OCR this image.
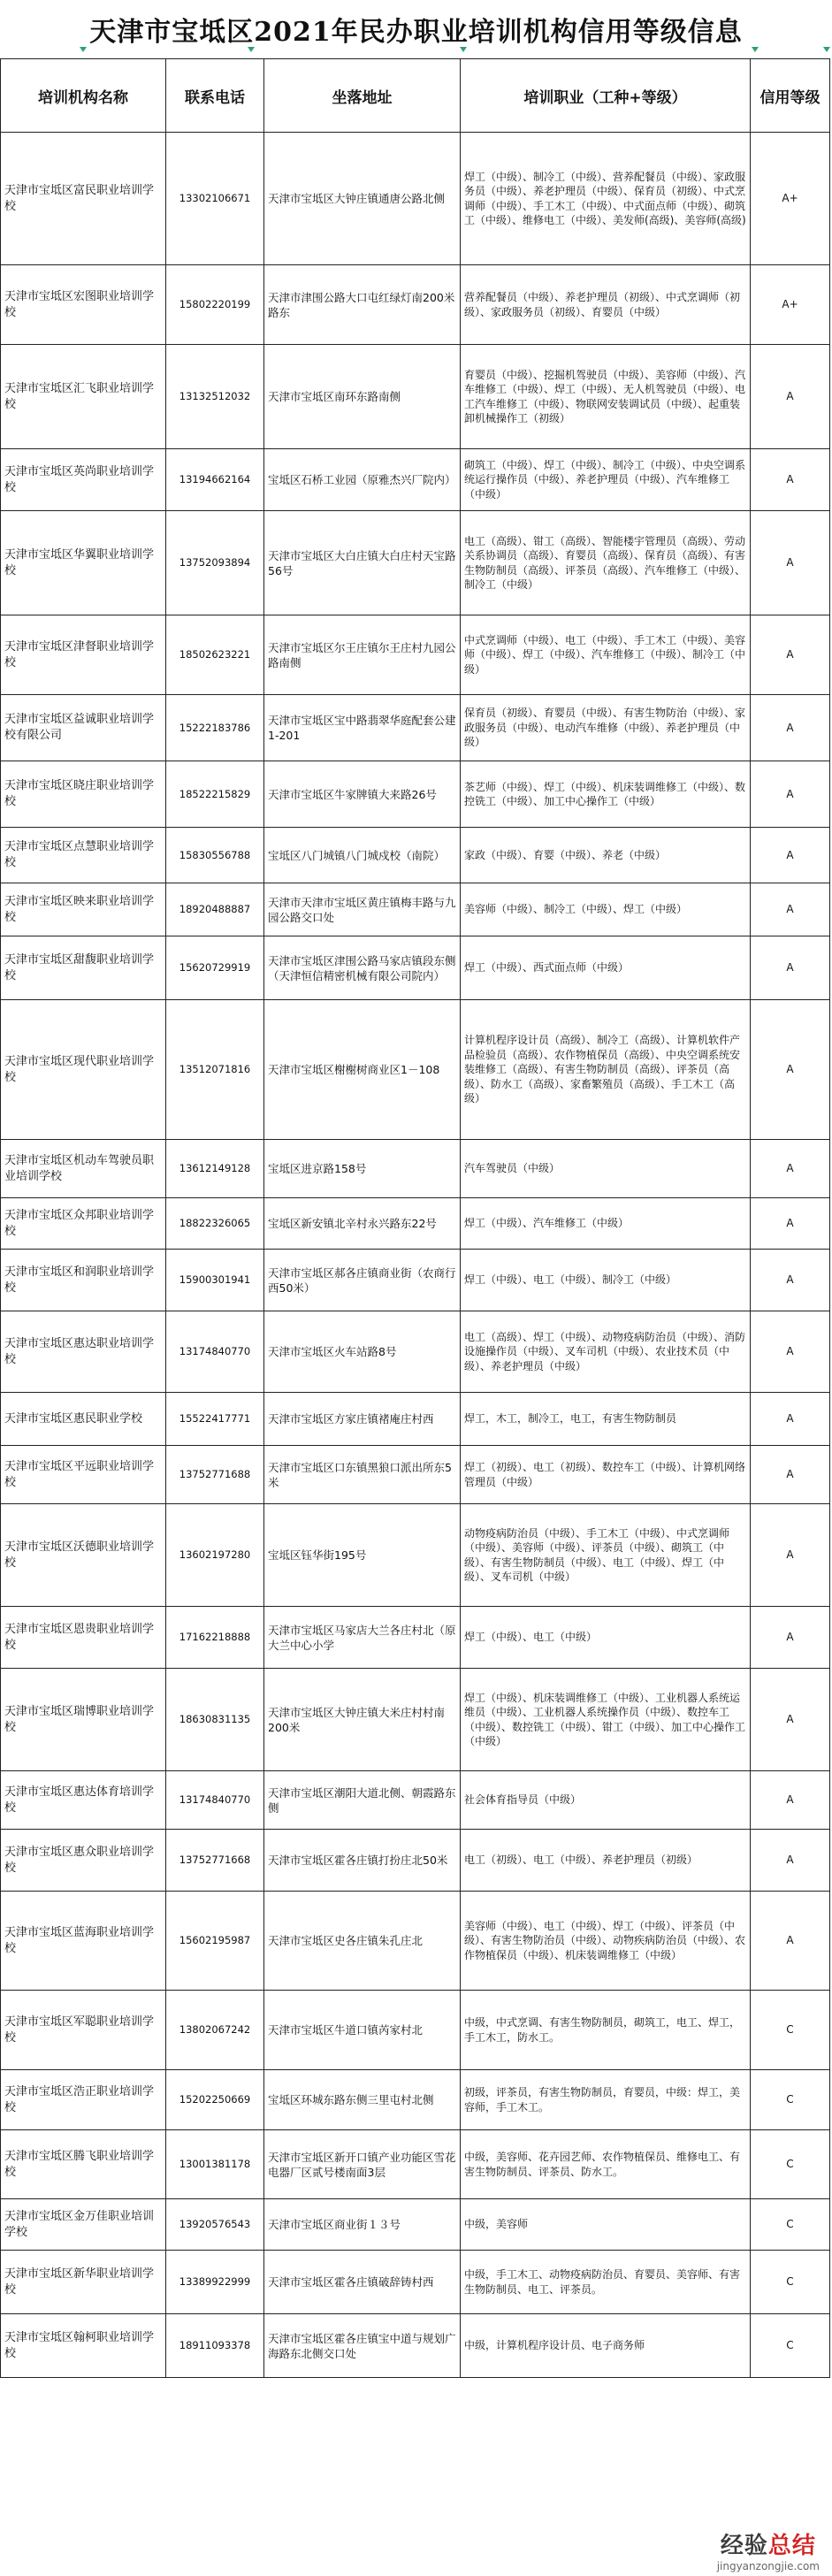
天津市宝坻区2021年民办职业培训机构信用等级信息
培训机构名称	联系电话	坐落地址	培训职业（工种+等级）	信用等级
天津市宝坻区富民职业培训学校	13302106671	天津市宝坻区大钟庄镇通唐公路北侧	焊工（中级）、制冷工（中级）、营养配餐员（中级）、家政服务员（中级）、养老护理员（中级）、保育员（初级）、中式烹调师（中级）、手工木工（中级）、中式面点师（中级）、砌筑工（中级）、维修电工（中级）、美发师(高级)、美容师(高级)	A+
天津市宝坻区宏图职业培训学校	15802220199	天津市津围公路大口屯红绿灯南200米路东	营养配餐员（中级）、养老护理员（初级）、中式烹调师（初级）、家政服务员（初级）、育婴员（中级）	A+
天津市宝坻区汇飞职业培训学校	13132512032	天津市宝坻区南环东路南侧	育婴员（中级）、挖掘机驾驶员（中级）、美容师（中级）、汽车维修工（中级）、焊工（中级）、无人机驾驶员（中级）、电工汽车维修工（中级）、物联网安装调试员（中级）、起重装卸机械操作工（初级）	A
天津市宝坻区英尚职业培训学校	13194662164	宝坻区石桥工业园（原雅杰兴厂院内）	砌筑工（中级）、焊工（中级）、制冷工（中级）、中央空调系统运行操作员（中级）、养老护理员（中级）、汽车维修工（中级）	A
天津市宝坻区华翼职业培训学校	13752093894	天津市宝坻区大白庄镇大白庄村天宝路56号	电工（高级）、钳工（高级）、智能楼宇管理员（高级）、劳动关系协调员（高级）、育婴员（高级）、保育员（高级）、有害生物防制员（高级）、评茶员（高级）、汽车维修工（中级）、制冷工（中级）	A
天津市宝坻区津督职业培训学校	18502623221	天津市宝坻区尔王庄镇尔王庄村九园公路南侧	中式烹调师（中级）、电工（中级）、手工木工（中级）、美容师（中级）、焊工（中级）、汽车维修工（中级）、制冷工（中级）	A
天津市宝坻区益诚职业培训学校有限公司	15222183786	天津市宝坻区宝中路翡翠华庭配套公建1-201	保育员（初级）、育婴员（中级）、有害生物防治（中级）、家政服务员（中级）、电动汽车维修（中级）、养老护理员（中级）	A
天津市宝坻区晓庄职业培训学校	18522215829	天津市宝坻区牛家牌镇大来路26号	茶艺师（中级）、焊工（中级）、机床装调维修工（中级）、数控铣工（中级）、加工中心操作工（中级）	A
天津市宝坻区点慧职业培训学校	15830556788	宝坻区八门城镇八门城戍校（南院）	家政（中级）、育婴（中级）、养老（中级）	A
天津市宝坻区映来职业培训学校	18920488887	天津市天津市宝坻区黄庄镇梅丰路与九园公路交口处	美容师（中级）、制冷工（中级）、焊工（中级）	A
天津市宝坻区甜馥职业培训学校	15620729919	天津市宝坻区津围公路马家店镇段东侧（天津恒信精密机械有限公司院内）	焊工（中级）、西式面点师（中级）	A
天津市宝坻区现代职业培训学校	13512071816	天津市宝坻区榭榭树商业区1－108	计算机程序设计员（高级）、制冷工（高级）、计算机软件产品检验员（高级）、农作物植保员（高级）、中央空调系统安装维修工（高级）、有害生物防制员（高级）、评茶员（高级）、防水工（高级）、家畜繁殖员（高级）、手工木工（高级）	A
天津市宝坻区机动车驾驶员职业培训学校	13612149128	宝坻区进京路158号	汽车驾驶员（中级）	A
天津市宝坻区众邦职业培训学校	18822326065	宝坻区新安镇北辛村永兴路东22号	焊工（中级）、汽车维修工（中级）	A
天津市宝坻区和润职业培训学校	15900301941	天津市宝坻区郝各庄镇商业街（农商行西50米）	焊工（中级）、电工（中级）、制冷工（中级）	A
天津市宝坻区惠达职业培训学校	13174840770	天津市宝坻区火车站路8号	电工（高级）、焊工（中级）、动物疫病防治员（中级）、消防设施操作员（中级）、叉车司机（中级）、农业技术员（中级）、养老护理员（中级）	A
天津市宝坻区惠民职业学校	15522417771	天津市宝坻区方家庄镇褚庵庄村西	焊工，木工，制冷工，电工，有害生物防制员	A
天津市宝坻区平远职业培训学校	13752771688	天津市宝坻区口东镇黑狼口派出所东5米	焊工（初级）、电工（初级）、数控车工（中级）、计算机网络管理员（中级）	A
天津市宝坻区沃德职业培训学校	13602197280	宝坻区钰华街195号	动物疫病防治员（中级）、手工木工（中级）、中式烹调师（中级）、美容师（中级）、评茶员（中级）、砌筑工（中级）、有害生物防制员（中级）、电工（中级）、焊工（中级）、叉车司机（中级）	A
天津市宝坻区恩贵职业培训学校	17162218888	天津市宝坻区马家店大兰各庄村北（原大兰中心小学	焊工（中级）、电工（中级）	A
天津市宝坻区瑞博职业培训学校	18630831135	天津市宝坻区大钟庄镇大米庄村村南200米	焊工（中级）、机床装调维修工（中级）、工业机器人系统运维员（中级）、工业机器人系统操作员（中级）、数控车工（中级）、数控铣工（中级）、钳工（中级）、加工中心操作工（中级）	A
天津市宝坻区惠达体育培训学校	13174840770	天津市宝坻区潮阳大道北侧、朝霞路东侧	社会体育指导员（中级）	A
天津市宝坻区惠众职业培训学校	13752771668	天津市宝坻区霍各庄镇打扮庄北50米	电工（初级）、电工（中级）、养老护理员（初级）	A
天津市宝坻区蓝海职业培训学校	15602195987	天津市宝坻区史各庄镇朱孔庄北	美容师（中级）、电工（中级）、焊工（中级）、评茶员（中级）、有害生物防治员（中级）、动物疾病防治员（中级）、农作物植保员（中级）、机床装调维修工（中级）	A
天津市宝坻区军聪职业培训学校	13802067242	天津市宝坻区牛道口镇芮家村北	中级，中式烹调、有害生物防制员，砌筑工，电工、焊工，手工木工，防水工。	C
天津市宝坻区浩正职业培训学校	15202250669	宝坻区环城东路东侧三里屯村北侧	初级，评茶员，有害生物防制员，育婴员，中级：焊工，美容师，手工木工。	C
天津市宝坻区腾飞职业培训学校	13001381178	天津市宝坻区新开口镇产业功能区雪花电器厂区贰号楼南面3层	中级，美容师、花卉园艺师、农作物植保员、维修电工、有害生物防制员、评茶员、防水工。	C
天津市宝坻区金万佳职业培训学校	13920576543	天津市宝坻区商业街１３号	中级，美容师	C
天津市宝坻区新华职业培训学校	13389922999	天津市宝坻区霍各庄镇破辞铸村西	中级，手工木工、动物疫病防治员、育婴员、美容师、有害生物防制员、电工、评茶员。	C
天津市宝坻区翰柯职业培训学校	18911093378	天津市宝坻区霍各庄镇宝中道与规划广海路东北侧交口处	中级，计算机程序设计员、电子商务师	C
经验总结
jingyanzongjie.com
